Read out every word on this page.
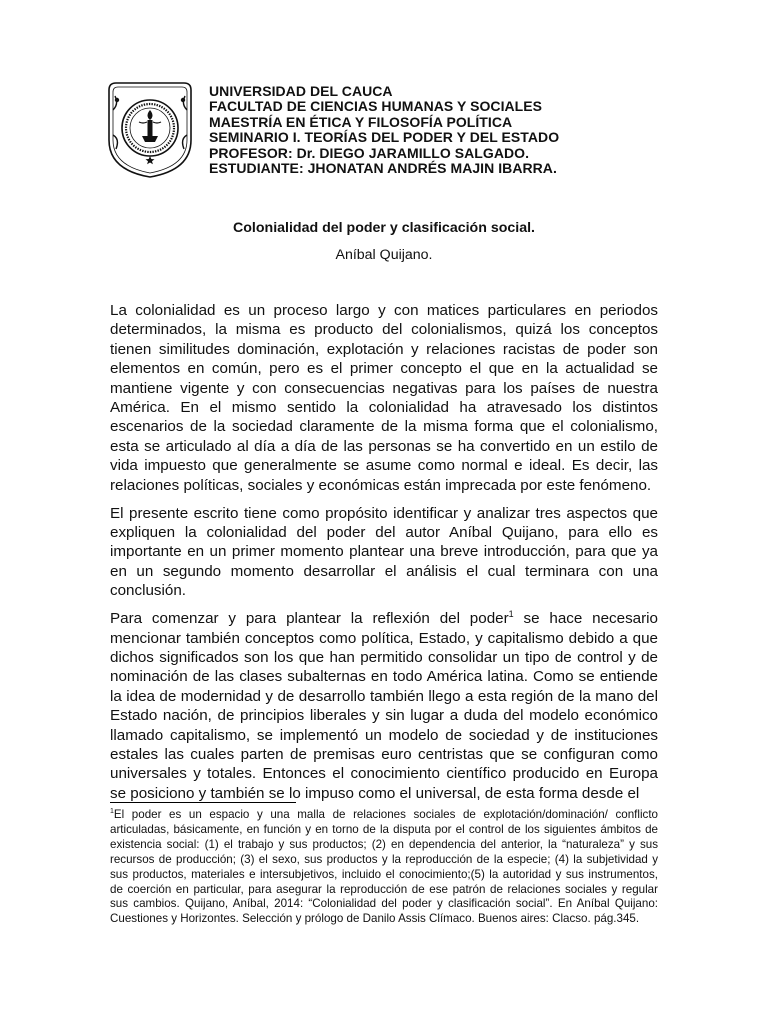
UNIVERSIDAD DEL CAUCA
FACULTAD DE CIENCIAS HUMANAS Y SOCIALES
MAESTRÍA EN ÉTICA Y FILOSOFÍA POLÍTICA
SEMINARIO I. TEORÍAS DEL PODER Y DEL ESTADO
PROFESOR: Dr. DIEGO JARAMILLO SALGADO.
ESTUDIANTE: JHONATAN ANDRÉS MAJIN IBARRA.
Colonialidad del poder y clasificación social.
Aníbal Quijano.

La colonialidad es un proceso largo y con matices particulares en periodos determinados, la misma es producto del colonialismos, quizá los conceptos tienen similitudes dominación, explotación y relaciones racistas de poder son elementos en común, pero es el primer concepto el que en la actualidad se mantiene vigente y con consecuencias negativas para los países de nuestra América. En el mismo sentido la colonialidad ha atravesado los distintos escenarios de la sociedad claramente de la misma forma que el colonialismo, esta se articulado al día a día de las personas se ha convertido en un estilo de vida impuesto que generalmente se asume como normal e ideal. Es decir, las relaciones políticas, sociales y económicas están imprecada por este fenómeno.

El presente escrito tiene como propósito identificar y analizar tres aspectos que expliquen la colonialidad del poder del autor Aníbal Quijano, para ello es importante en un primer momento plantear una breve introducción, para que ya en un segundo momento desarrollar el análisis el cual terminara con una conclusión.

Para comenzar y para plantear la reflexión del poder$^1$ se hace necesario mencionar también conceptos como política, Estado, y capitalismo debido a que dichos significados son los que han permitido consolidar un tipo de control y de nominación de las clases subalternas en todo América latina. Como se entiende la idea de modernidad y de desarrollo también llego a esta región de la mano del Estado nación, de principios liberales y sin lugar a duda del modelo económico llamado capitalismo, se implementó un modelo de sociedad y de instituciones estales las cuales parten de premisas euro centristas que se configuran como universales y totales. Entonces el conocimiento científico producido en Europa se posiciono y también se lo impuso como el universal, de esta forma desde el

$^1$El poder es un espacio y una malla de relaciones sociales de explotación/dominación/ conflicto articuladas, básicamente, en función y en torno de la disputa por el control de los siguientes ámbitos de existencia social: (1) el trabajo y sus productos; (2) en dependencia del anterior, la “naturaleza” y sus recursos de producción; (3) el sexo, sus productos y la reproducción de la especie; (4) la subjetividad y sus productos, materiales e intersubjetivos, incluido el conocimiento;(5) la autoridad y sus instrumentos, de coerción en particular, para asegurar la reproducción de ese patrón de relaciones sociales y regular sus cambios. Quijano, Aníbal, 2014: “Colonialidad del poder y clasificación social”. En Aníbal Quijano: Cuestiones y Horizontes. Selección y prólogo de Danilo Assis Clímaco. Buenos aires: Clacso. pág.345.
